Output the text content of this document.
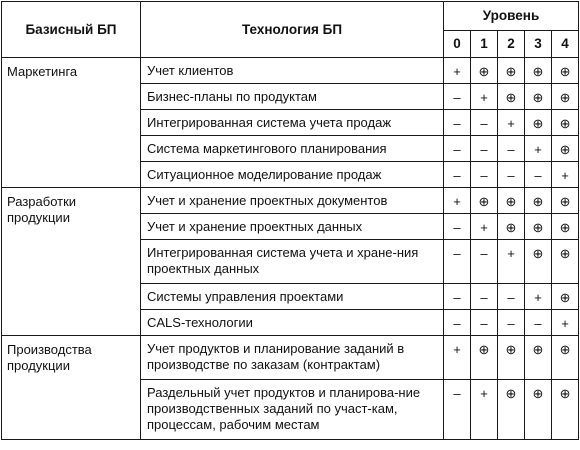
Базисный БП	Технология БП	Уровень				
		0	1	2	3	4
Маркетинга	Учет клиентов	+	⊕	⊕	⊕	⊕
	Бизнес-планы по продуктам	–	+	⊕	⊕	⊕
	Интегрированная система учета продаж	–	–	+	⊕	⊕
	Система маркетингового планирования	–	–	–	+	⊕
	Ситуационное моделирование продаж	–	–	–	–	+
Разработки продукции	Учет и хранение проектных документов	+	⊕	⊕	⊕	⊕
	Учет и хранение проектных данных	–	+	⊕	⊕	⊕
	Интегрированная система учета и хране-ния проектных данных	–	–	+	⊕	⊕
	Системы управления проектами	–	–	–	+	⊕
	CALS-технологии	–	–	–	–	+
Производства продукции	Учет продуктов и планирование заданий в производстве по заказам (контрактам)	+	⊕	⊕	⊕	⊕
	Раздельный учет продуктов и планирова-ние производственных заданий по участ-кам, процессам, рабочим местам	–	+	⊕	⊕	⊕
